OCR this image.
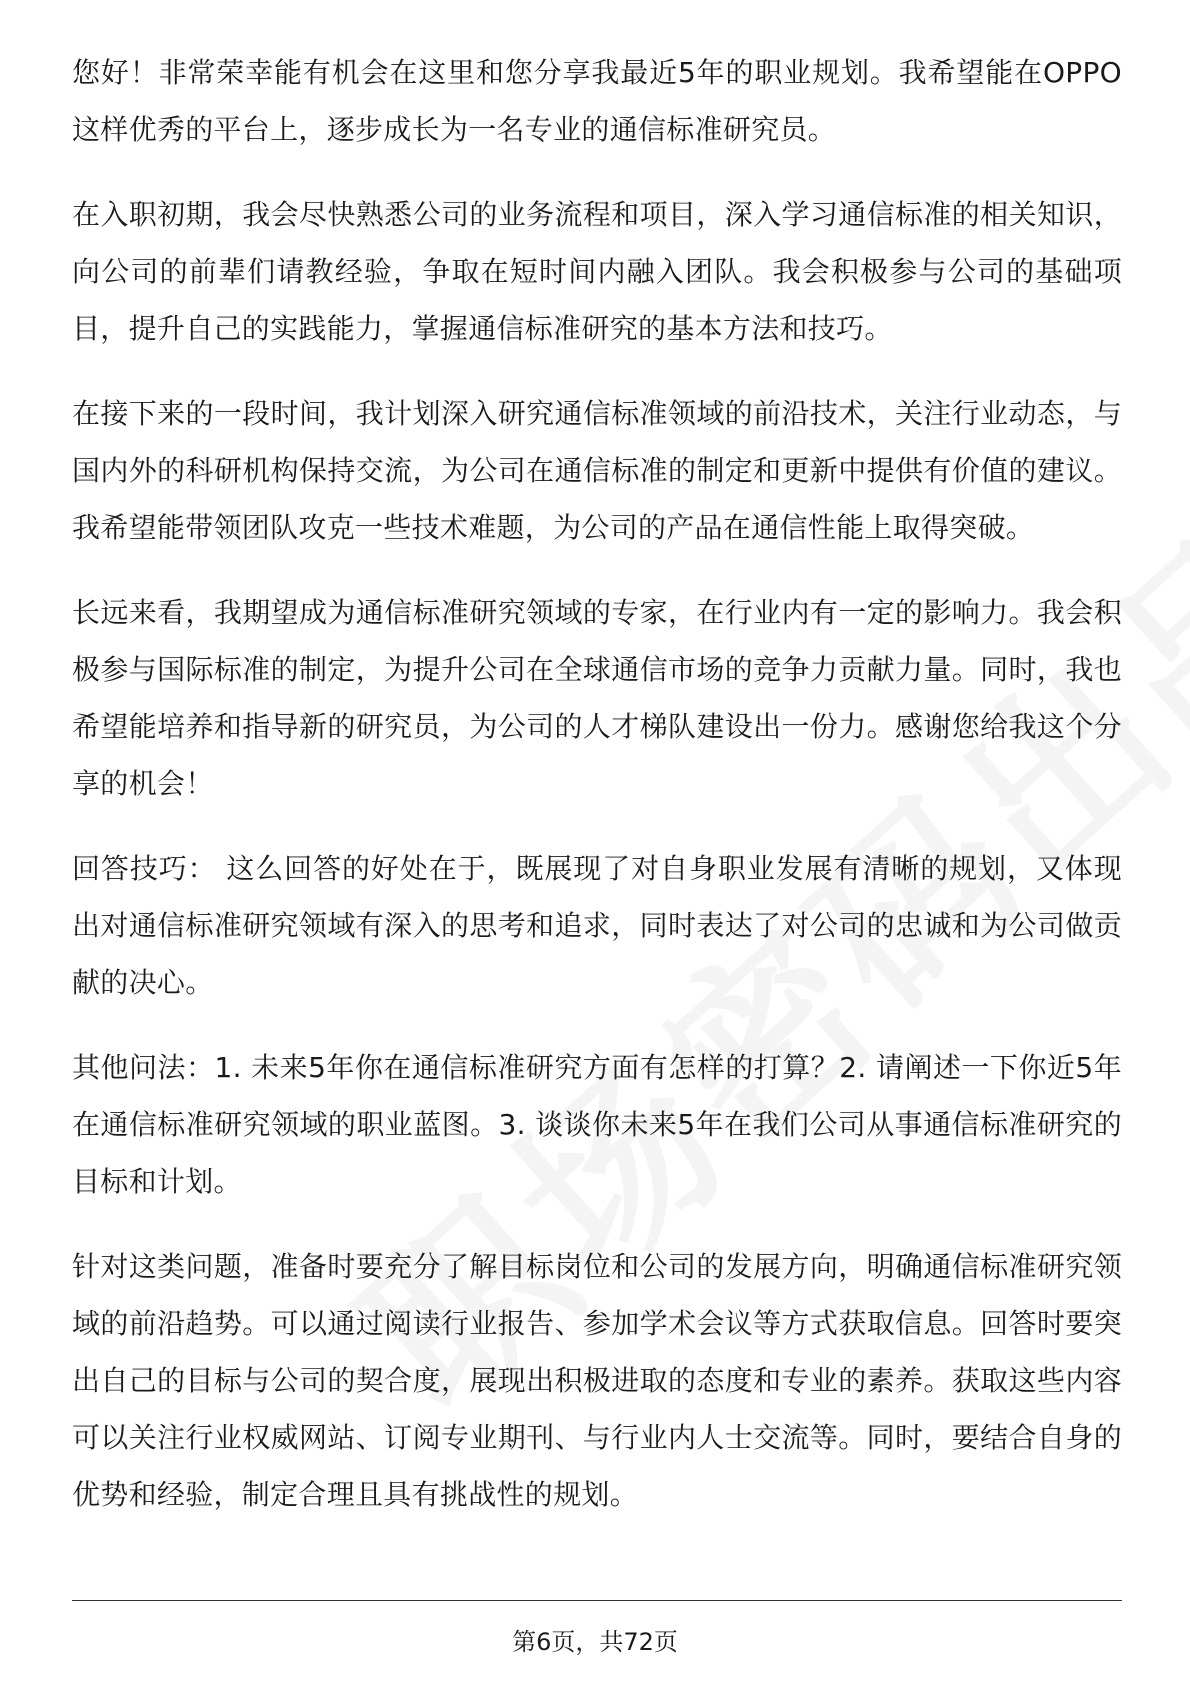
您好！非常荣幸能有机会在这里和您分享我最近5年的职业规划。我希望能在OPPO这样优秀的平台上，逐步成长为一名专业的通信标准研究员。

在入职初期，我会尽快熟悉公司的业务流程和项目，深入学习通信标准的相关知识，向公司的前辈们请教经验，争取在短时间内融入团队。我会积极参与公司的基础项目，提升自己的实践能力，掌握通信标准研究的基本方法和技巧。

在接下来的一段时间，我计划深入研究通信标准领域的前沿技术，关注行业动态，与国内外的科研机构保持交流，为公司在通信标准的制定和更新中提供有价值的建议。我希望能带领团队攻克一些技术难题，为公司的产品在通信性能上取得突破。

长远来看，我期望成为通信标准研究领域的专家，在行业内有一定的影响力。我会积极参与国际标准的制定，为提升公司在全球通信市场的竞争力贡献力量。同时，我也希望能培养和指导新的研究员，为公司的人才梯队建设出一份力。感谢您给我这个分享的机会！

回答技巧： 这么回答的好处在于，既展现了对自身职业发展有清晰的规划，又体现出对通信标准研究领域有深入的思考和追求，同时表达了对公司的忠诚和为公司做贡献的决心。

其他问法：1. 未来5年你在通信标准研究方面有怎样的打算？2. 请阐述一下你近5年在通信标准研究领域的职业蓝图。3. 谈谈你未来5年在我们公司从事通信标准研究的目标和计划。

针对这类问题，准备时要充分了解目标岗位和公司的发展方向，明确通信标准研究领域的前沿趋势。可以通过阅读行业报告、参加学术会议等方式获取信息。回答时要突出自己的目标与公司的契合度，展现出积极进取的态度和专业的素养。获取这些内容可以关注行业权威网站、订阅专业期刊、与行业内人士交流等。同时，要结合自身的优势和经验，制定合理且具有挑战性的规划。

第6页，共72页
